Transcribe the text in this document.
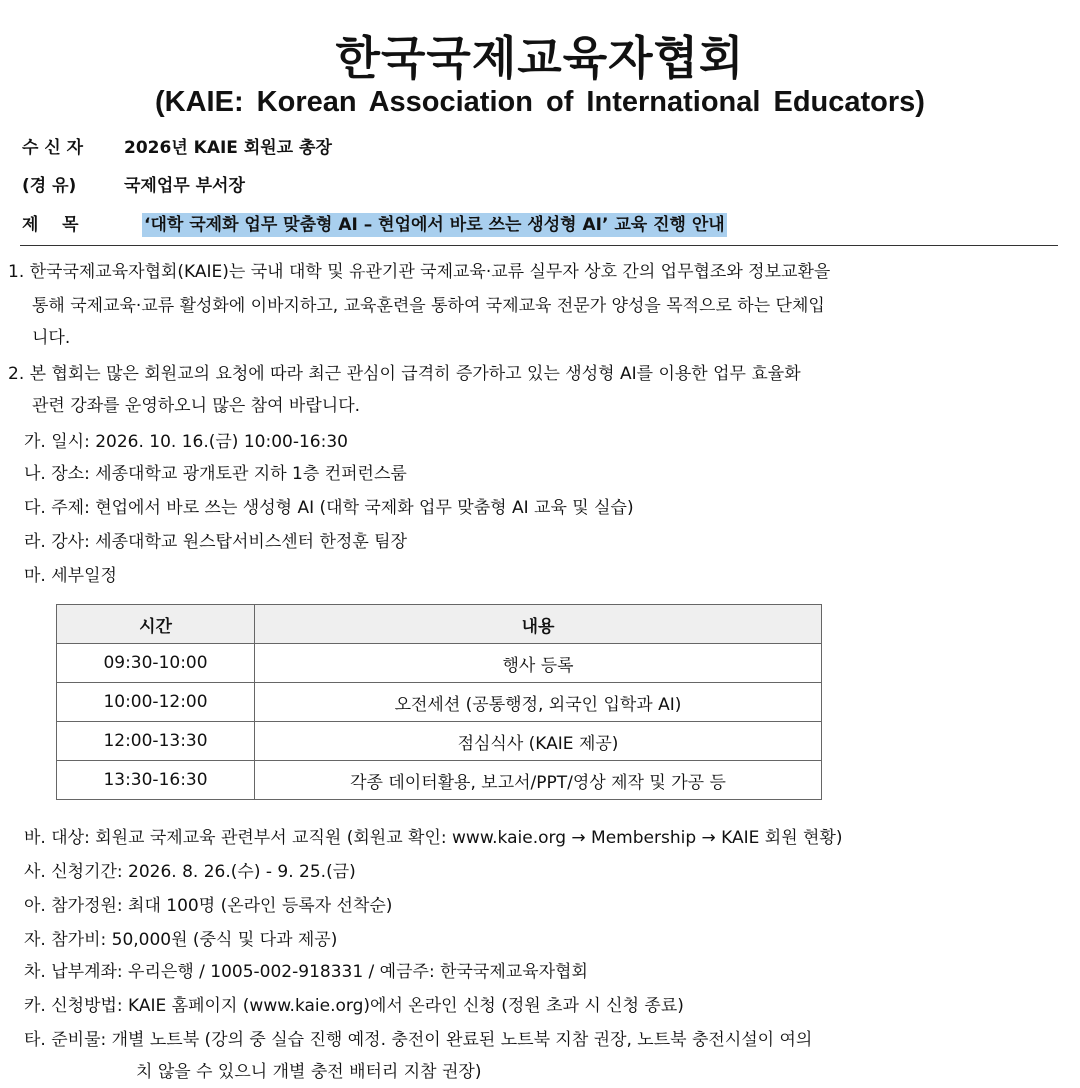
한국국제교육자협회
(KAIE: Korean Association of International Educators)
수 신 자 2026년 KAIE 회원교 총장
(경 유)	국제업무 부서장
제    목	‘대학 국제화 업무 맞춤형 AI – 현업에서 바로 쓰는 생성형 AI’ 교육 진행 안내
1. 한국국제교육자협회(KAIE)는 국내 대학 및 유관기관 국제교육·교류 실무자 상호 간의 업무협조와 정보교환을
통해 국제교육·교류 활성화에 이바지하고, 교육훈련을 통하여 국제교육 전문가 양성을 목적으로 하는 단체입
니다.
2. 본 협회는 많은 회원교의 요청에 따라 최근 관심이 급격히 증가하고 있는 생성형 AI를 이용한 업무 효율화
관련 강좌를 운영하오니 많은 참여 바랍니다.
가. 일시: 2026. 10. 16.(금) 10:00-16:30
나. 장소: 세종대학교 광개토관 지하 1층 컨퍼런스룸
다. 주제: 현업에서 바로 쓰는 생성형 AI (대학 국제화 업무 맞춤형 AI 교육 및 실습)
라. 강사: 세종대학교 원스탑서비스센터 한정훈 팀장
마. 세부일정
시간	내용
09:30-10:00	행사 등록
10:00-12:00	오전세션 (공통행정, 외국인 입학과 AI)
12:00-13:30	점심식사 (KAIE 제공)
13:30-16:30	각종 데이터활용, 보고서/PPT/영상 제작 및 가공 등
바. 대상: 회원교 국제교육 관련부서 교직원 (회원교 확인: www.kaie.org → Membership → KAIE 회원 현황)
사. 신청기간: 2026. 8. 26.(수) - 9. 25.(금)
아. 참가정원: 최대 100명 (온라인 등록자 선착순)
자. 참가비: 50,000원 (중식 및 다과 제공)
차. 납부계좌: 우리은행 / 1005-002-918331 / 예금주: 한국국제교육자협회
카. 신청방법: KAIE 홈페이지 (www.kaie.org)에서 온라인 신청 (정원 초과 시 신청 종료)
타. 준비물: 개별 노트북 (강의 중 실습 진행 예정. 충전이 완료된 노트북 지참 권장, 노트북 충전시설이 여의
치 않을 수 있으니 개별 충전 배터리 지참 권장)
